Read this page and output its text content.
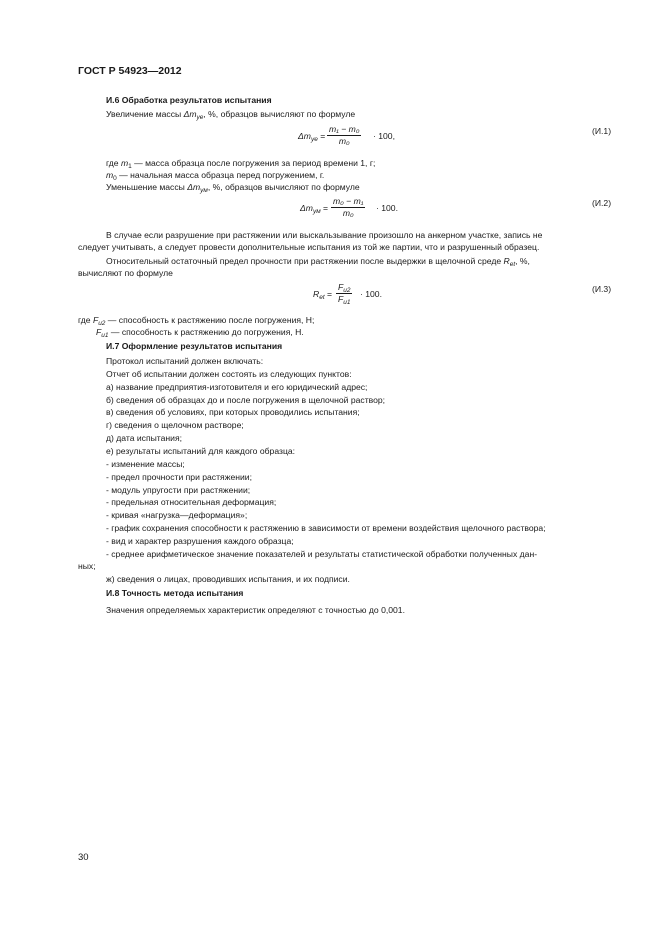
ГОСТ Р 54923—2012
И.6 Обработка результатов испытания
Увеличение массы $\Delta m_{уе}$, %, образцов вычисляют по формуле
$\Delta m_{уе} = \frac{\text{m₁ − m₀}}{\text{m₀}} \cdot 100$,	(И.1)
где $m_1$ — масса образца после погружения за период времени 1, г;
$m_0$ — начальная масса образца перед погружением, г.
Уменьшение массы $\Delta m_{ум}$, %, образцов вычисляют по формуле
$\Delta m_{ум} = \frac{\text{m₀ − m₁}}{\text{m₀}} \cdot 100$.	(И.2)
В случае если разрушение при растяжении или выскальзывание произошло на анкерном участке, запись не
следует учитывать, а следует провести дополнительные испытания из той же партии, что и разрушенный образец.
Относительный остаточный предел прочности при растяжении после выдержки в щелочной среде $R_{et}$, %,
вычисляют по формуле
$R_{et} = \frac{F_{u2}}{F_{u1}} \cdot 100$.	(И.3)
где $F_{u2}$ — способность к растяжению после погружения, Н;
$F_{u1}$ — способность к растяжению до погружения, Н.
И.7 Оформление результатов испытания
Протокол испытаний должен включать:
Отчет об испытании должен состоять из следующих пунктов:
а) название предприятия-изготовителя и его юридический адрес;
б) сведения об образцах до и после погружения в щелочной раствор;
в) сведения об условиях, при которых проводились испытания;
г) сведения о щелочном растворе;
д) дата испытания;
е) результаты испытаний для каждого образца:
- изменение массы;
- предел прочности при растяжении;
- модуль упругости при растяжении;
- предельная относительная деформация;
- кривая «нагрузка—деформация»;
- график сохранения способности к растяжению в зависимости от времени воздействия щелочного раствора;
- вид и характер разрушения каждого образца;
- среднее арифметическое значение показателей и результаты статистической обработки полученных дан-
ных;
ж) сведения о лицах, проводивших испытания, и их подписи.
И.8 Точность метода испытания
Значения определяемых характеристик определяют с точностью до 0,001.
30
